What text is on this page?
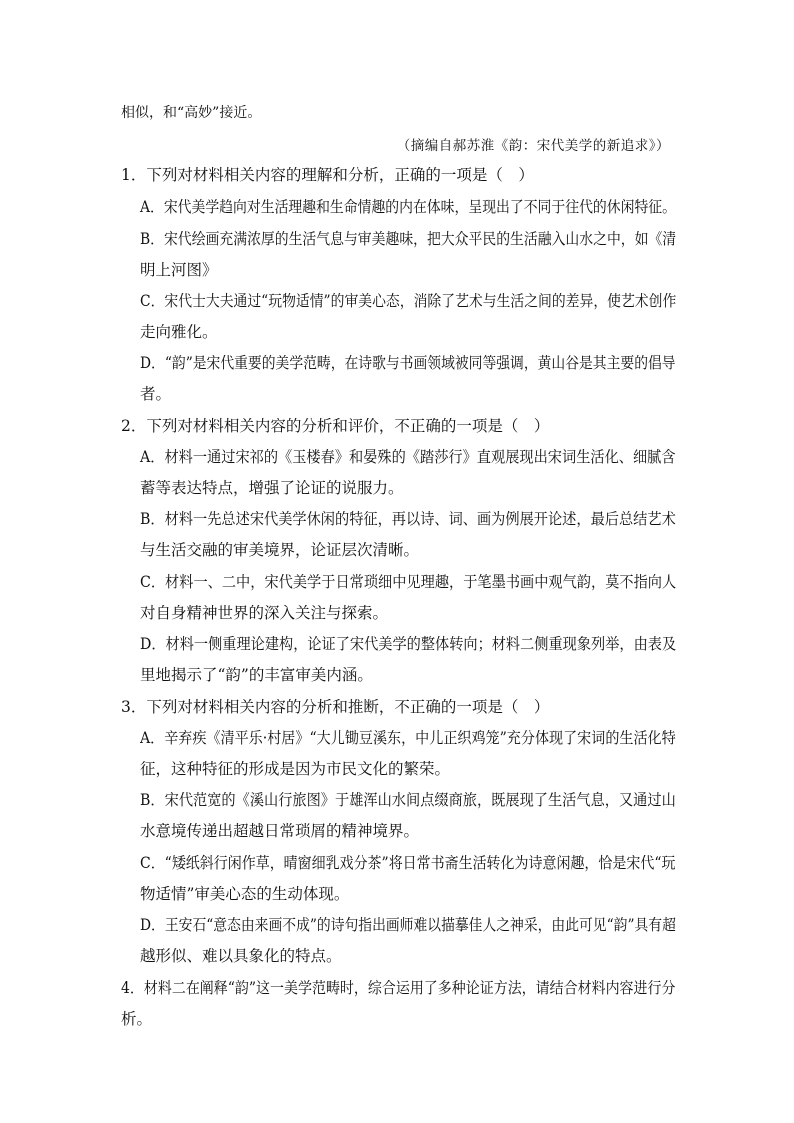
相似，和“高妙”接近。
（摘编自郝苏淮《韵：宋代美学的新追求》）
1．下列对材料相关内容的理解和分析，正确的一项是（　）
A．宋代美学趋向对生活理趣和生命情趣的内在体味，呈现出了不同于往代的休闲特征。
B．宋代绘画充满浓厚的生活气息与审美趣味，把大众平民的生活融入山水之中，如《清
明上河图》
C．宋代士大夫通过“玩物适情”的审美心态，消除了艺术与生活之间的差异，使艺术创作
走向雅化。
D．“韵”是宋代重要的美学范畴，在诗歌与书画领域被同等强调，黄山谷是其主要的倡导
者。
2．下列对材料相关内容的分析和评价，不正确的一项是（　）
A．材料一通过宋祁的《玉楼春》和晏殊的《踏莎行》直观展现出宋词生活化、细腻含
蓄等表达特点，增强了论证的说服力。
B．材料一先总述宋代美学休闲的特征，再以诗、词、画为例展开论述，最后总结艺术
与生活交融的审美境界，论证层次清晰。
C．材料一、二中，宋代美学于日常琐细中见理趣，于笔墨书画中观气韵，莫不指向人
对自身精神世界的深入关注与探索。
D．材料一侧重理论建构，论证了宋代美学的整体转向；材料二侧重现象列举，由表及
里地揭示了“韵”的丰富审美内涵。
3．下列对材料相关内容的分析和推断，不正确的一项是（　）
A．辛弃疾《清平乐·村居》“大儿锄豆溪东，中儿正织鸡笼”充分体现了宋词的生活化特
征，这种特征的形成是因为市民文化的繁荣。
B．宋代范宽的《溪山行旅图》于雄浑山水间点缀商旅，既展现了生活气息，又通过山
水意境传递出超越日常琐屑的精神境界。
C．“矮纸斜行闲作草，晴窗细乳戏分茶”将日常书斋生活转化为诗意闲趣，恰是宋代“玩
物适情”审美心态的生动体现。
D．王安石“意态由来画不成”的诗句指出画师难以描摹佳人之神采，由此可见“韵”具有超
越形似、难以具象化的特点。
4．材料二在阐释“韵”这一美学范畴时，综合运用了多种论证方法，请结合材料内容进行分
析。
